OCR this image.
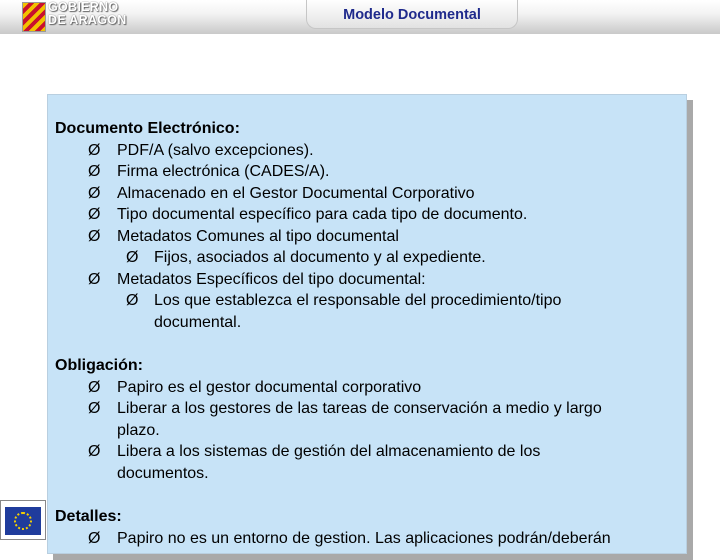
GOBIERNO
DE ARAGON	Modelo Documental
Documento Electrónico:
Ø PDF/A (salvo excepciones).
Ø Firma electrónica (CADES/A).
Ø Almacenado en el Gestor Documental Corporativo
Ø Tipo documental específico para cada tipo de documento.
Ø Metadatos Comunes al tipo documental
Ø Fijos, asociados al documento y al expediente.
Ø Metadatos Específicos del tipo documental:
Ø Los que establezca el responsable del procedimiento/tipo
documental.
Obligación:
Ø Papiro es el gestor documental corporativo
Ø Liberar a los gestores de las tareas de conservación a medio y largo
plazo.
Ø Libera a los sistemas de gestión del almacenamiento de los
documentos.
Detalles:
Ø Papiro no es un entorno de gestion. Las aplicaciones podrán/deberán
